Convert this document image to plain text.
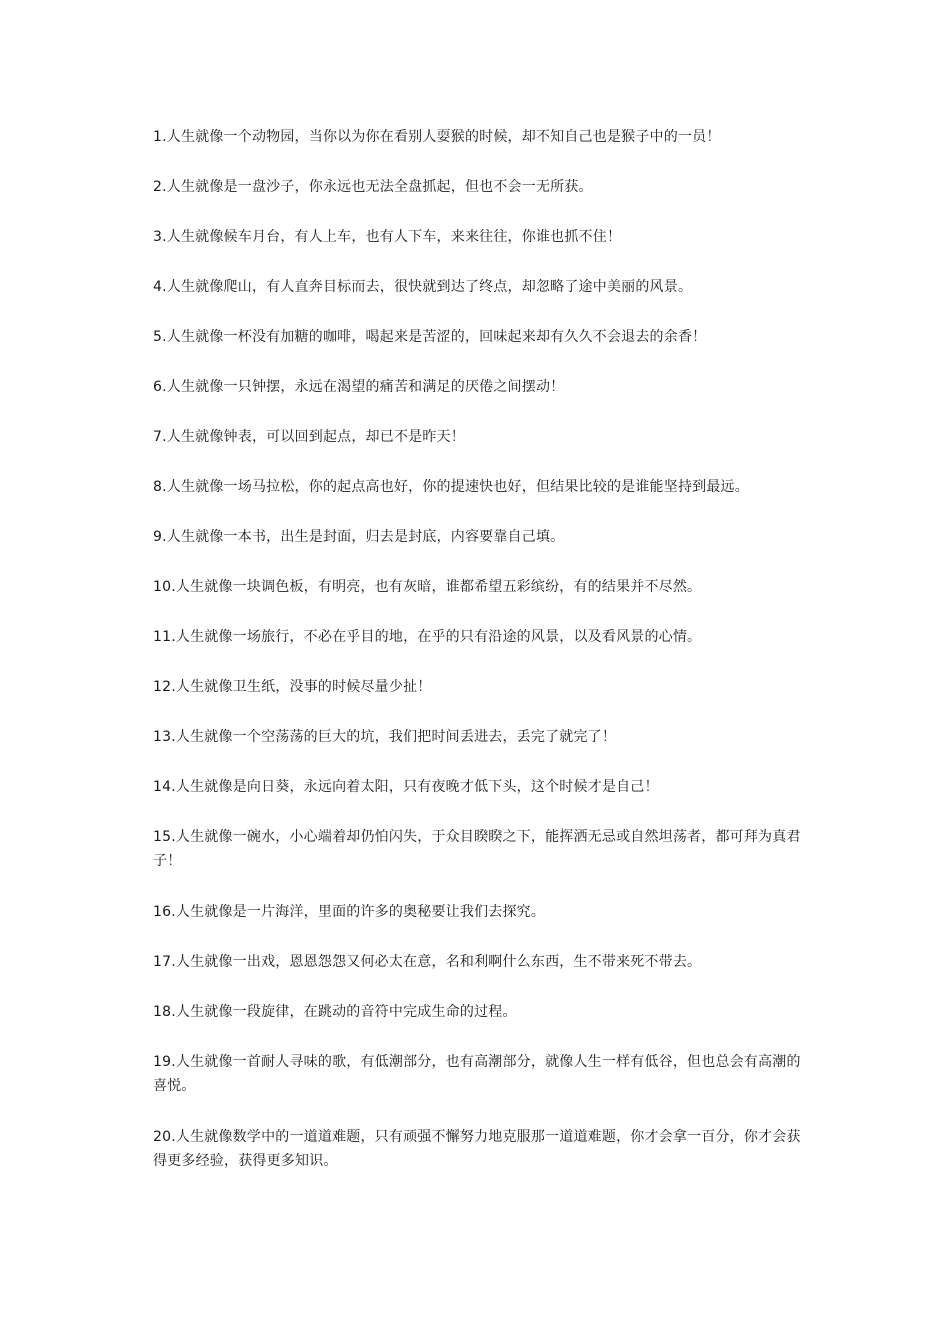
1.人生就像一个动物园，当你以为你在看别人耍猴的时候，却不知自己也是猴子中的一员！

2.人生就像是一盘沙子，你永远也无法全盘抓起，但也不会一无所获。

3.人生就像候车月台，有人上车，也有人下车，来来往往，你谁也抓不住！

4.人生就像爬山，有人直奔目标而去，很快就到达了终点，却忽略了途中美丽的风景。

5.人生就像一杯没有加糖的咖啡，喝起来是苦涩的，回味起来却有久久不会退去的余香！

6.人生就像一只钟摆，永远在渴望的痛苦和满足的厌倦之间摆动！

7.人生就像钟表，可以回到起点，却已不是昨天！

8.人生就像一场马拉松，你的起点高也好，你的提速快也好，但结果比较的是谁能坚持到最远。

9.人生就像一本书，出生是封面，归去是封底，内容要靠自己填。

10.人生就像一块调色板，有明亮，也有灰暗，谁都希望五彩缤纷，有的结果并不尽然。

11.人生就像一场旅行，不必在乎目的地，在乎的只有沿途的风景，以及看风景的心情。

12.人生就像卫生纸，没事的时候尽量少扯！

13.人生就像一个空荡荡的巨大的坑，我们把时间丢进去，丢完了就完了！

14.人生就像是向日葵，永远向着太阳，只有夜晚才低下头，这个时候才是自己！

15.人生就像一碗水，小心端着却仍怕闪失，于众目睽睽之下，能挥洒无忌或自然坦荡者，都可拜为真君子！

16.人生就像是一片海洋，里面的许多的奥秘要让我们去探究。

17.人生就像一出戏，恩恩怨怨又何必太在意，名和利啊什么东西，生不带来死不带去。

18.人生就像一段旋律，在跳动的音符中完成生命的过程。

19.人生就像一首耐人寻味的歌，有低潮部分，也有高潮部分，就像人生一样有低谷，但也总会有高潮的喜悦。

20.人生就像数学中的一道道难题，只有顽强不懈努力地克服那一道道难题，你才会拿一百分，你才会获得更多经验，获得更多知识。
